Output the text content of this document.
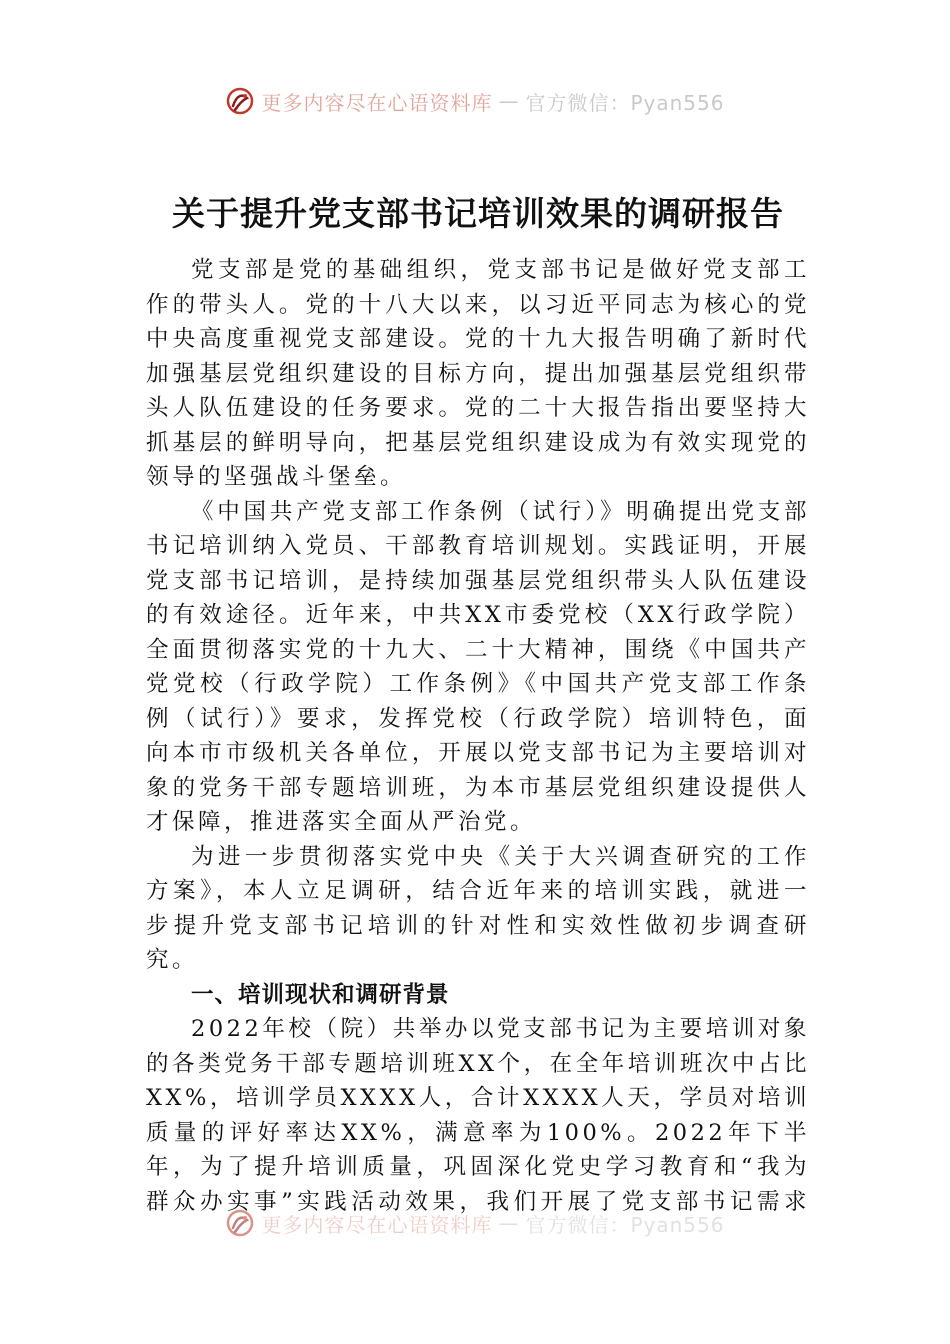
更多内容尽在心语资料库 — 官方微信：Pyan556
关于提升党支部书记培训效果的调研报告

党支部是党的基础组织，党支部书记是做好党支部工作的带头人。党的十八大以来，以习近平同志为核心的党中央高度重视党支部建设。党的十九大报告明确了新时代加强基层党组织建设的目标方向，提出加强基层党组织带头人队伍建设的任务要求。党的二十大报告指出要坚持大抓基层的鲜明导向，把基层党组织建设成为有效实现党的领导的坚强战斗堡垒。

《中国共产党支部工作条例（试行）》明确提出党支部书记培训纳入党员、干部教育培训规划。实践证明，开展党支部书记培训，是持续加强基层党组织带头人队伍建设的有效途径。近年来，中共XX市委党校（XX行政学院）全面贯彻落实党的十九大、二十大精神，围绕《中国共产党党校（行政学院）工作条例》《中国共产党支部工作条例（试行）》要求，发挥党校（行政学院）培训特色，面向本市市级机关各单位，开展以党支部书记为主要培训对象的党务干部专题培训班，为本市基层党组织建设提供人才保障，推进落实全面从严治党。

为进一步贯彻落实党中央《关于大兴调查研究的工作方案》，本人立足调研，结合近年来的培训实践，就进一步提升党支部书记培训的针对性和实效性做初步调查研究。

一、培训现状和调研背景

2022年校（院）共举办以党支部书记为主要培训对象的各类党务干部专题培训班XX个，在全年培训班次中占比XX%，培训学员XXXX人，合计XXXX人天，学员对培训质量的评好率达XX%，满意率为100%。2022年下半年，为了提升培训质量，巩固深化党史学习教育和“我为群众办实事”实践活动效果，我们开展了党支部书记需求

更多内容尽在心语资料库 — 官方微信：Pyan556
